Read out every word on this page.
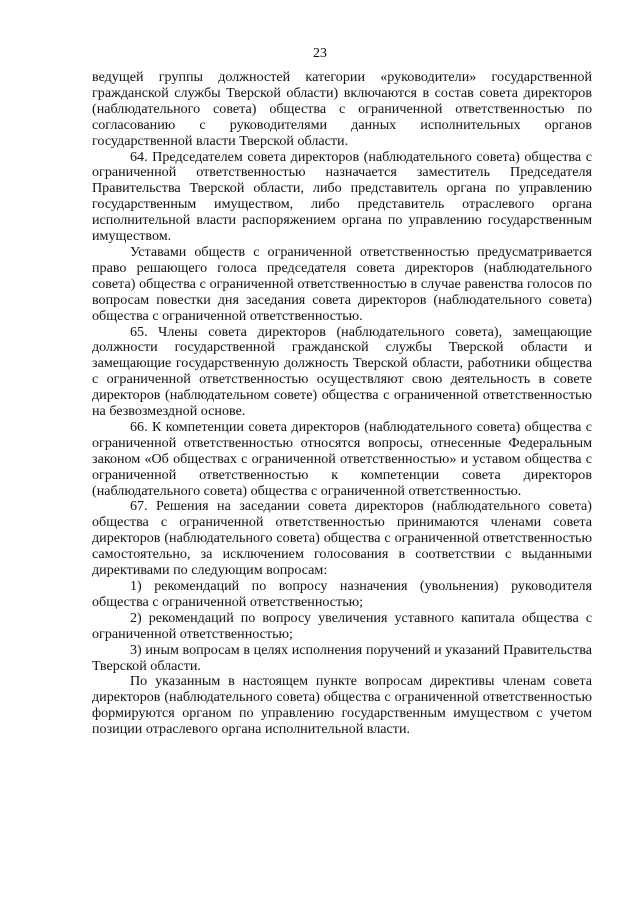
23

ведущей группы должностей категории «руководители» государственной гражданской службы Тверской области) включаются в состав совета директоров (наблюдательного совета) общества с ограниченной ответственностью по согласованию с руководителями данных исполнительных органов государственной власти Тверской области.

64. Председателем совета директоров (наблюдательного совета) общества с ограниченной ответственностью назначается заместитель Председателя Правительства Тверской области, либо представитель органа по управлению государственным имуществом, либо представитель отраслевого органа исполнительной власти распоряжением органа по управлению государственным имуществом.

Уставами обществ с ограниченной ответственностью предусматривается право решающего голоса председателя совета директоров (наблюдательного совета) общества с ограниченной ответственностью в случае равенства голосов по вопросам повестки дня заседания совета директоров (наблюдательного совета) общества с ограниченной ответственностью.

65. Члены совета директоров (наблюдательного совета), замещающие должности государственной гражданской службы Тверской области и замещающие государственную должность Тверской области, работники общества с ограниченной ответственностью осуществляют свою деятельность в совете директоров (наблюдательном совете) общества с ограниченной ответственностью на безвозмездной основе.

66. К компетенции совета директоров (наблюдательного совета) общества с ограниченной ответственностью относятся вопросы, отнесенные Федеральным законом «Об обществах с ограниченной ответственностью» и уставом общества с ограниченной ответственностью к компетенции совета директоров (наблюдательного совета) общества с ограниченной ответственностью.

67. Решения на заседании совета директоров (наблюдательного совета) общества с ограниченной ответственностью принимаются членами совета директоров (наблюдательного совета) общества с ограниченной ответственностью самостоятельно, за исключением голосования в соответствии с выданными директивами по следующим вопросам:

1) рекомендаций по вопросу назначения (увольнения) руководителя общества с ограниченной ответственностью;

2) рекомендаций по вопросу увеличения уставного капитала общества с ограниченной ответственностью;

3) иным вопросам в целях исполнения поручений и указаний Правительства Тверской области.

По указанным в настоящем пункте вопросам директивы членам совета директоров (наблюдательного совета) общества с ограниченной ответственностью формируются органом по управлению государственным имуществом с учетом позиции отраслевого органа исполнительной власти.
